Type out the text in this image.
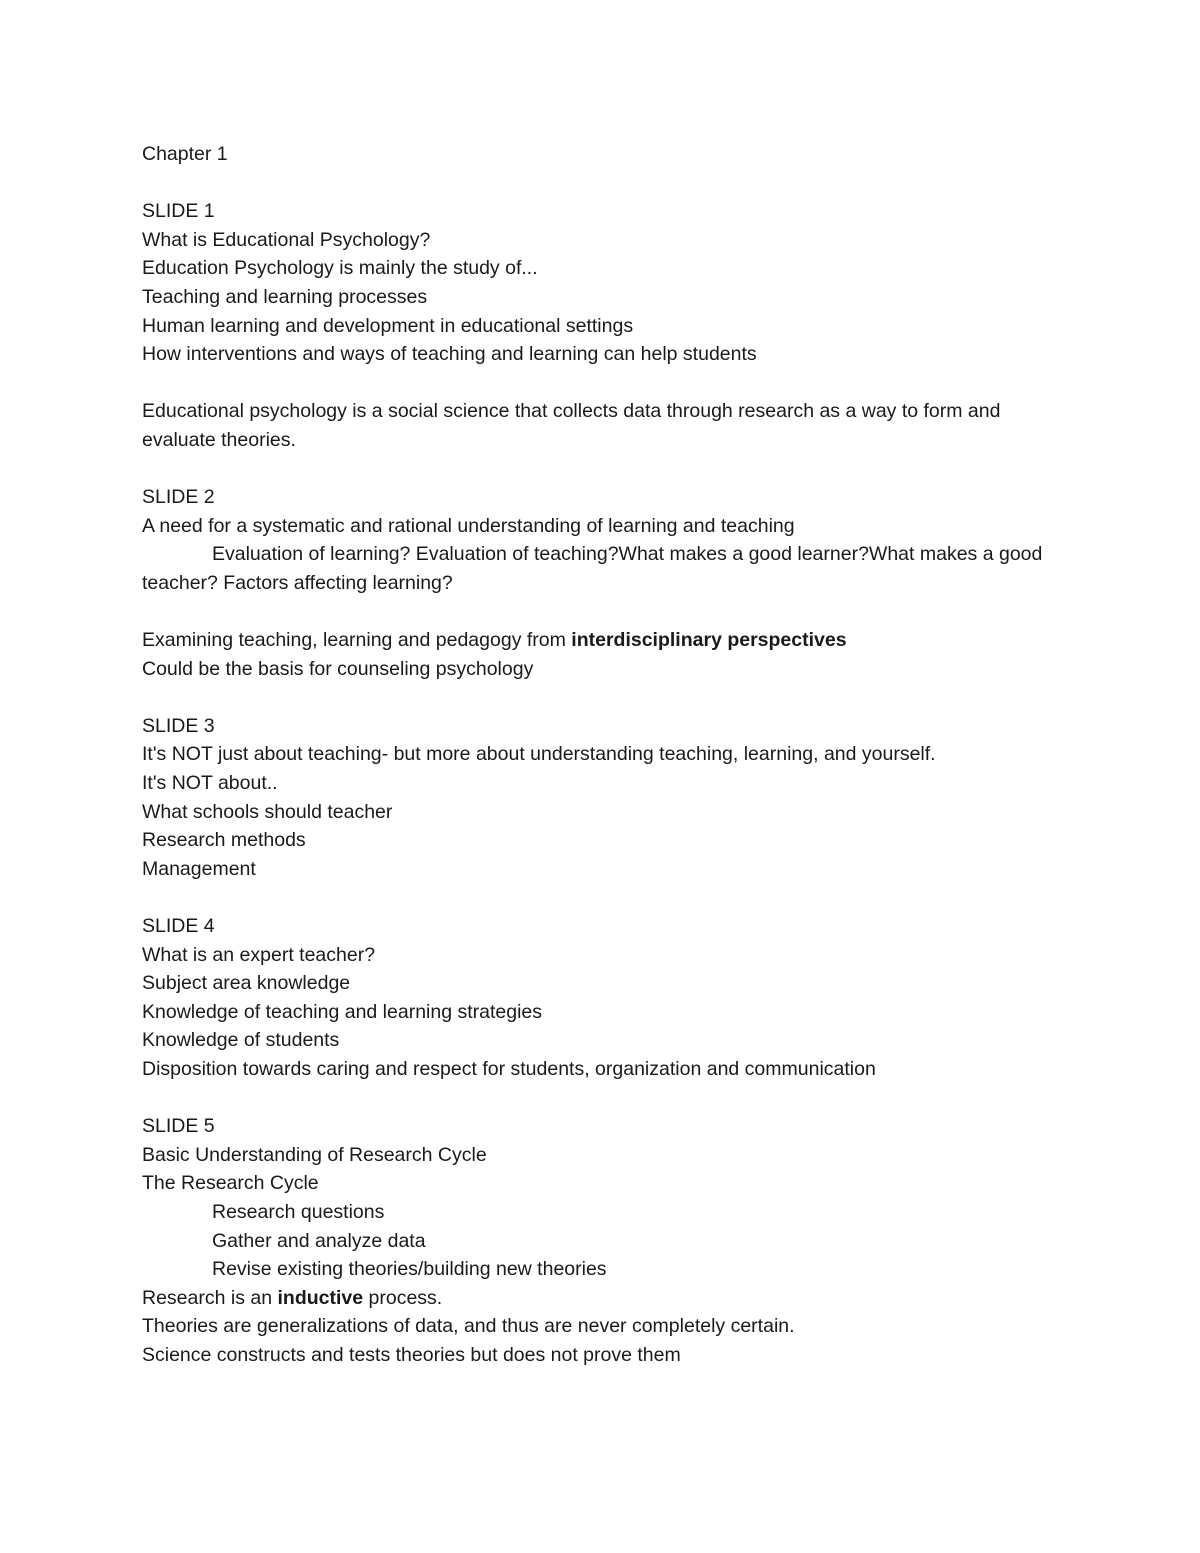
Chapter 1

SLIDE 1

What is Educational Psychology?

Education Psychology is mainly the study of...

Teaching and learning processes

Human learning and development in educational settings

How interventions and ways of teaching and learning can help students

Educational psychology is a social science that collects data through research as a way to form and evaluate theories.

SLIDE 2

A need for a systematic and rational understanding of learning and teaching

Evaluation of learning? Evaluation of teaching?What makes a good learner?What makes a good teacher? Factors affecting learning?

Examining teaching, learning and pedagogy from interdisciplinary perspectives

Could be the basis for counseling psychology

SLIDE 3

It's NOT just about teaching- but more about understanding teaching, learning, and yourself.

It's NOT about..

What schools should teacher

Research methods

Management

SLIDE 4

What is an expert teacher?

Subject area knowledge

Knowledge of teaching and learning strategies

Knowledge of students

Disposition towards caring and respect for students, organization and communication

SLIDE 5

Basic Understanding of Research Cycle

The Research Cycle

Research questions

Gather and analyze data

Revise existing theories/building new theories

Research is an inductive process.

Theories are generalizations of data, and thus are never completely certain.

Science constructs and tests theories but does not prove them
